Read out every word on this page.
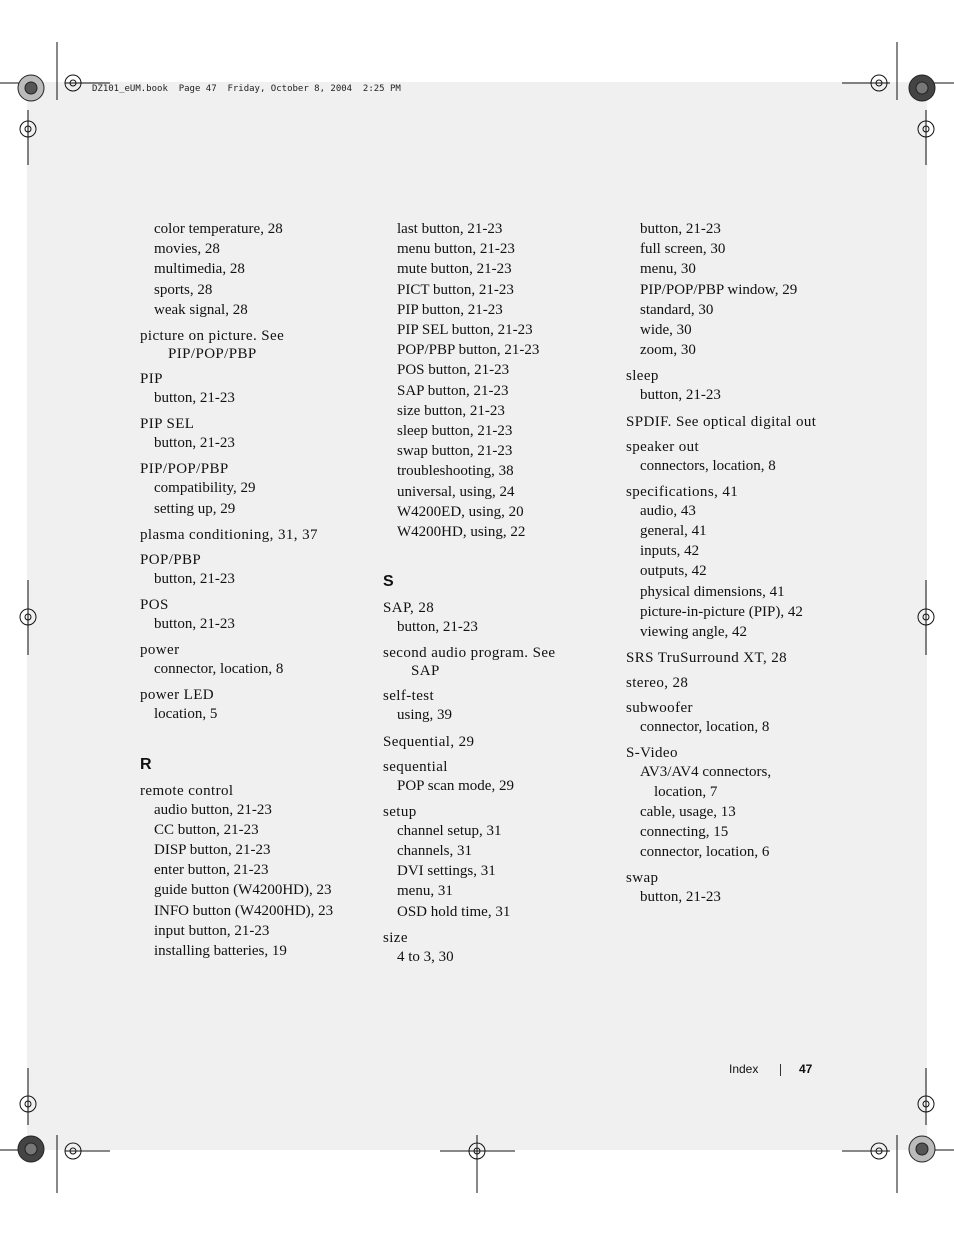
DZ101_eUM.book  Page 47  Friday, October 8, 2004  2:25 PM
color temperature, 28
movies, 28
multimedia, 28
sports, 28
weak signal, 28
picture on picture. See
PIP/POP/PBP
PIP
button, 21-23
PIP SEL
button, 21-23
PIP/POP/PBP
compatibility, 29
setting up, 29
plasma conditioning, 31, 37
POP/PBP
button, 21-23
POS
button, 21-23
power
connector, location, 8
power LED
location, 5
R
remote control
audio button, 21-23
CC button, 21-23
DISP button, 21-23
enter button, 21-23
guide button (W4200HD), 23
INFO button (W4200HD), 23
input button, 21-23
installing batteries, 19
last button, 21-23
menu button, 21-23
mute button, 21-23
PICT button, 21-23
PIP button, 21-23
PIP SEL button, 21-23
POP/PBP button, 21-23
POS button, 21-23
SAP button, 21-23
size button, 21-23
sleep button, 21-23
swap button, 21-23
troubleshooting, 38
universal, using, 24
W4200ED, using, 20
W4200HD, using, 22
S
SAP, 28
button, 21-23
second audio program. See
SAP
self-test
using, 39
Sequential, 29
sequential
POP scan mode, 29
setup
channel setup, 31
channels, 31
DVI settings, 31
menu, 31
OSD hold time, 31
size
4 to 3, 30
button, 21-23
full screen, 30
menu, 30
PIP/POP/PBP window, 29
standard, 30
wide, 30
zoom, 30
sleep
button, 21-23
SPDIF. See optical digital out
speaker out
connectors, location, 8
specifications, 41
audio, 43
general, 41
inputs, 42
outputs, 42
physical dimensions, 41
picture-in-picture (PIP), 42
viewing angle, 42
SRS TruSurround XT, 28
stereo, 28
subwoofer
connector, location, 8
S-Video
AV3/AV4 connectors,
location, 7
cable, usage, 13
connecting, 15
connector, location, 6
swap
button, 21-23
Index	47
